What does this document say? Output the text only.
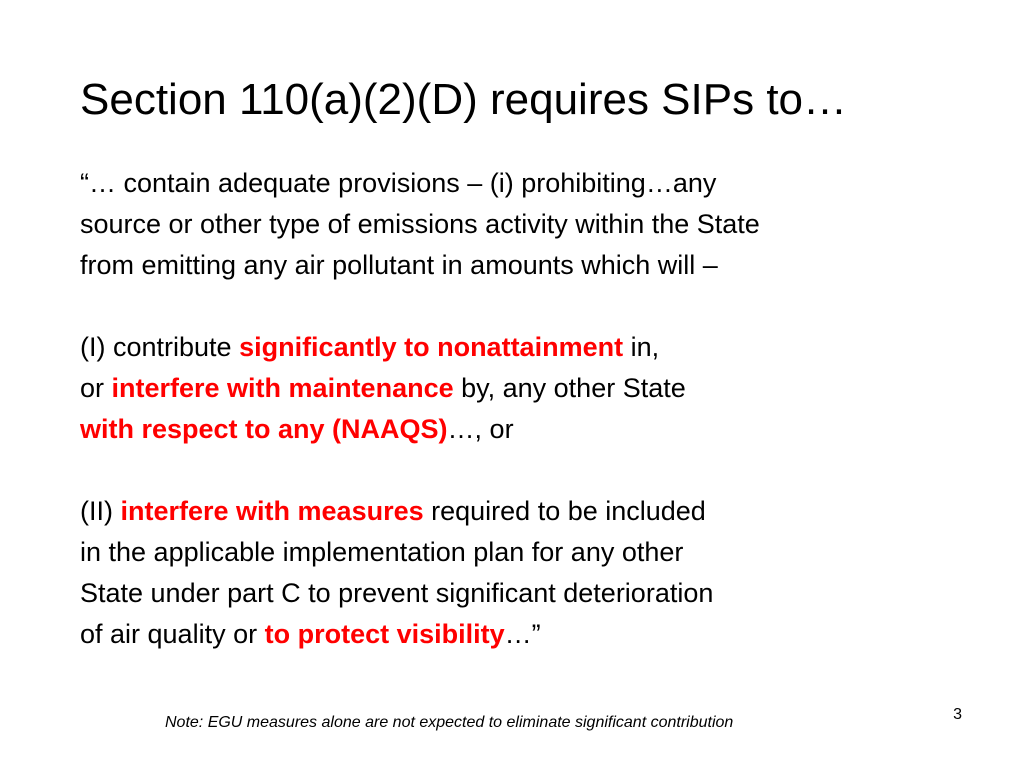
Section 110(a)(2)(D) requires SIPs to…

“… contain adequate provisions – (i) prohibiting…any
source or other type of emissions activity within the State
from emitting any air pollutant in amounts which will –

(I) contribute significantly to nonattainment in,
or interfere with maintenance by, any other State
with respect to any (NAAQS)…, or

(II) interfere with measures required to be included
in the applicable implementation plan for any other
State under part C to prevent significant deterioration
of air quality or to protect visibility…”

Note: EGU measures alone are not expected to eliminate significant contribution	3
